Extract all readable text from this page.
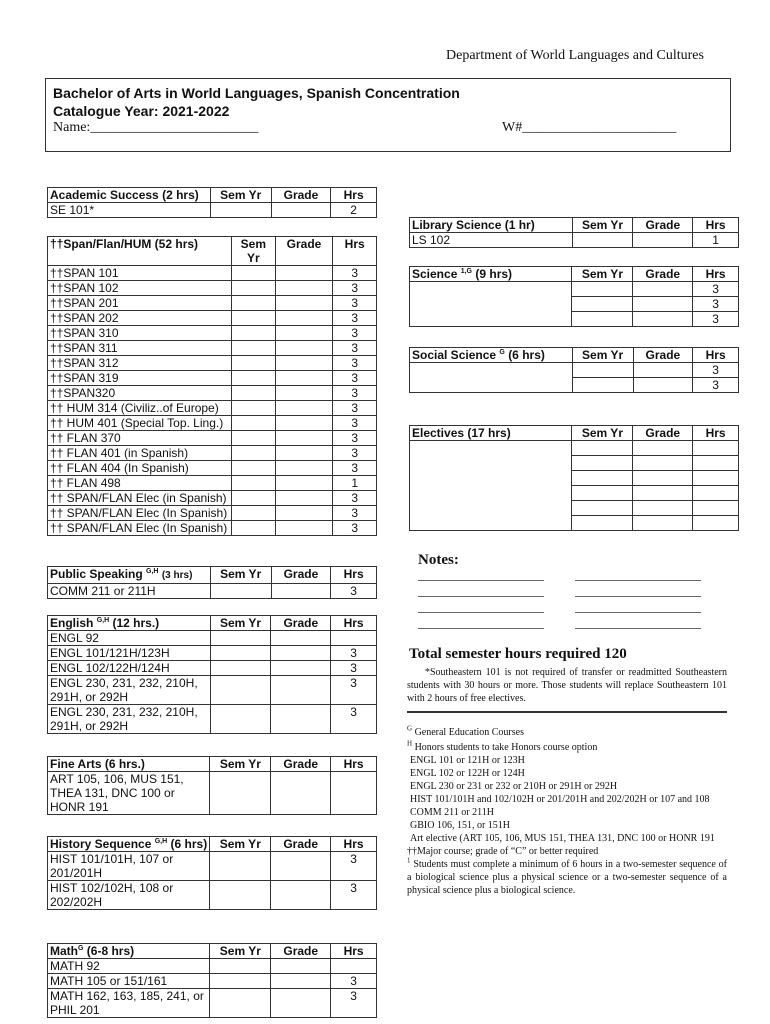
Department of World Languages and Cultures
Bachelor of Arts in World Languages, Spanish Concentration
Catalogue Year: 2021-2022
Name:________________________	W#______________________
Academic Success (2 hrs)	Sem Yr	Grade	Hrs
SE 101*			2
††Span/Flan/HUM (52 hrs)	Sem Yr	Grade	Hrs
††SPAN 101			3
††SPAN 102			3
††SPAN 201			3
††SPAN 202			3
††SPAN 310			3
††SPAN 311			3
††SPAN 312			3
††SPAN 319			3
††SPAN320			3
†† HUM 314 (Civiliz..of Europe)			3
†† HUM 401 (Special Top. Ling.)			3
†† FLAN 370			3
†† FLAN 401 (in Spanish)			3
†† FLAN 404 (In Spanish)			3
†† FLAN 498			1
†† SPAN/FLAN Elec (in Spanish)			3
†† SPAN/FLAN Elec (In Spanish)			3
†† SPAN/FLAN Elec (In Spanish)			3
Public Speaking $^{G,H}$ (3 hrs)	Sem Yr	Grade	Hrs
COMM 211 or 211H			3
English $^{G,H}$ (12 hrs.)	Sem Yr	Grade	Hrs
ENGL 92			
ENGL 101/121H/123H			3
ENGL 102/122H/124H			3
ENGL 230, 231, 232, 210H, 291H, or 292H			3
ENGL 230, 231, 232, 210H, 291H, or 292H			3
Fine Arts (6 hrs.)	Sem Yr	Grade	Hrs
ART 105, 106, MUS 151, THEA 131, DNC 100 or HONR 191			
History Sequence $^{G,H}$ (6 hrs)	Sem Yr	Grade	Hrs
HIST 101/101H, 107 or 201/201H			3
HIST 102/102H, 108 or 202/202H			3
Math$^G$ (6-8 hrs)	Sem Yr	Grade	Hrs
MATH 92			
MATH 105 or 151/161			3
MATH 162, 163, 185, 241, or PHIL 201			3
Library Science (1 hr)	Sem Yr	Grade	Hrs
LS 102			1
Science $^{1,G}$ (9 hrs)	Sem Yr	Grade	Hrs
			3
			3
			3
Social Science $^G$ (6 hrs)	Sem Yr	Grade	Hrs
			3
			3
Electives (17 hrs)	Sem Yr	Grade	Hrs

Notes:
Total semester hours required 120
*Southeastern 101 is not required of transfer or readmitted Southeastern students with 30 hours or more. Those students will replace Southeastern 101 with 2 hours of free electives.
$^G$ General Education Courses
$^H$ Honors students to take Honors course option
ENGL 101 or 121H or 123H
ENGL 102 or 122H or 124H
ENGL 230 or 231 or 232 or 210H or 291H or 292H
HIST 101/101H and 102/102H or 201/201H and 202/202H or 107 and 108
COMM 211 or 211H
GBIO 106, 151, or 151H
Art elective (ART 105, 106, MUS 151, THEA 131, DNC 100 or HONR 191
††Major course; grade of “C” or better required
$^1$ Students must complete a minimum of 6 hours in a two-semester sequence of a biological science plus a physical science or a two-semester sequence of a physical science plus a biological science.
